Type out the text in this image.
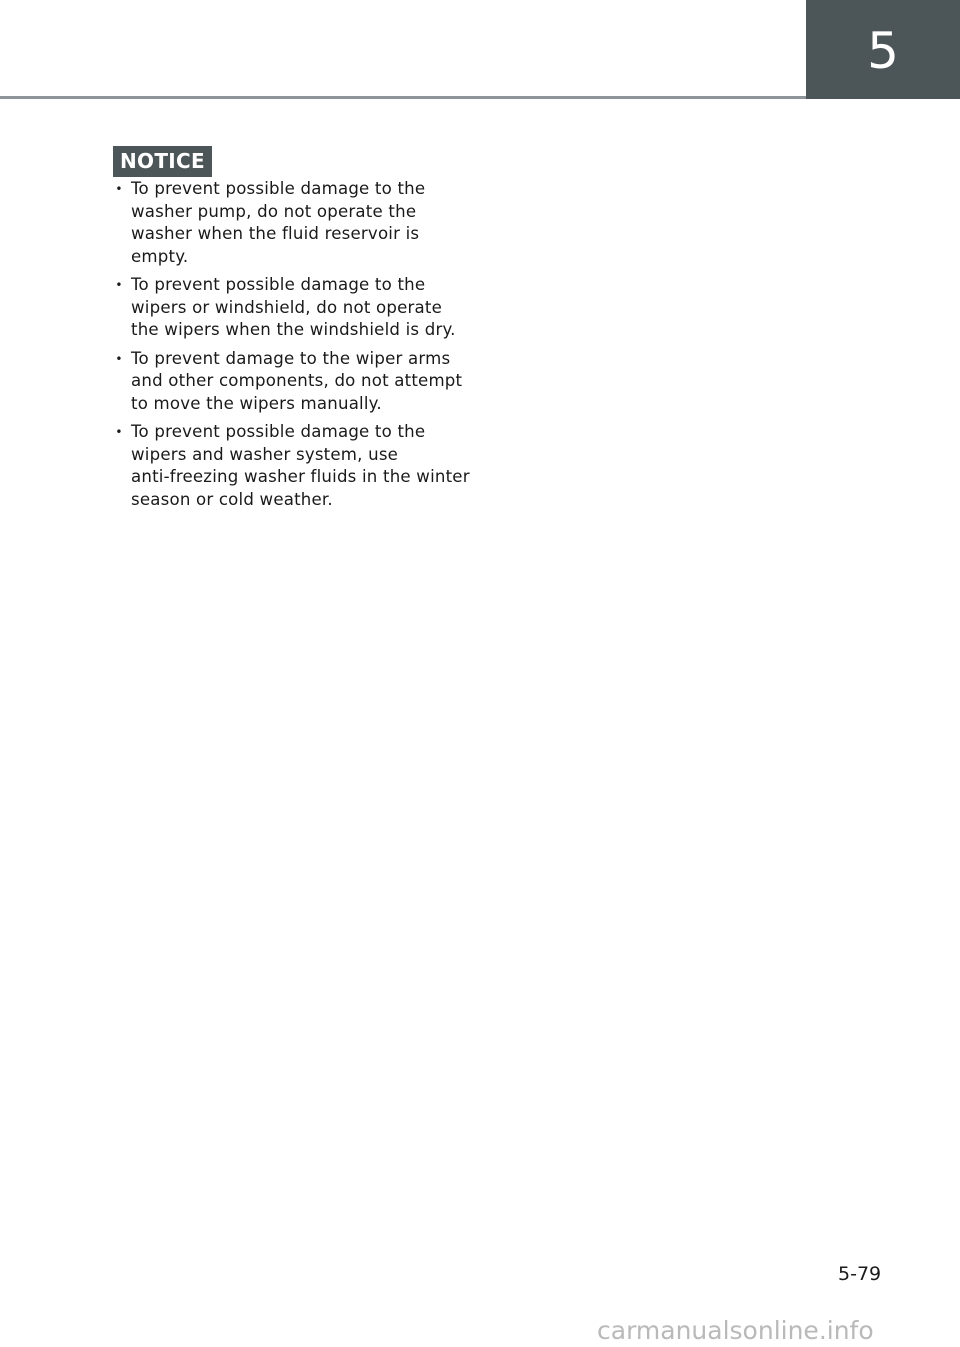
5
NOTICE
• To prevent possible damage to the
washer pump, do not operate the
washer when the fluid reservoir is
empty.
• To prevent possible damage to the
wipers or windshield, do not operate
the wipers when the windshield is dry.
• To prevent damage to the wiper arms
and other components, do not attempt
to move the wipers manually.
• To prevent possible damage to the
wipers and washer system, use
anti-freezing washer fluids in the winter
season or cold weather.
5-79
carmanualsonline.info
